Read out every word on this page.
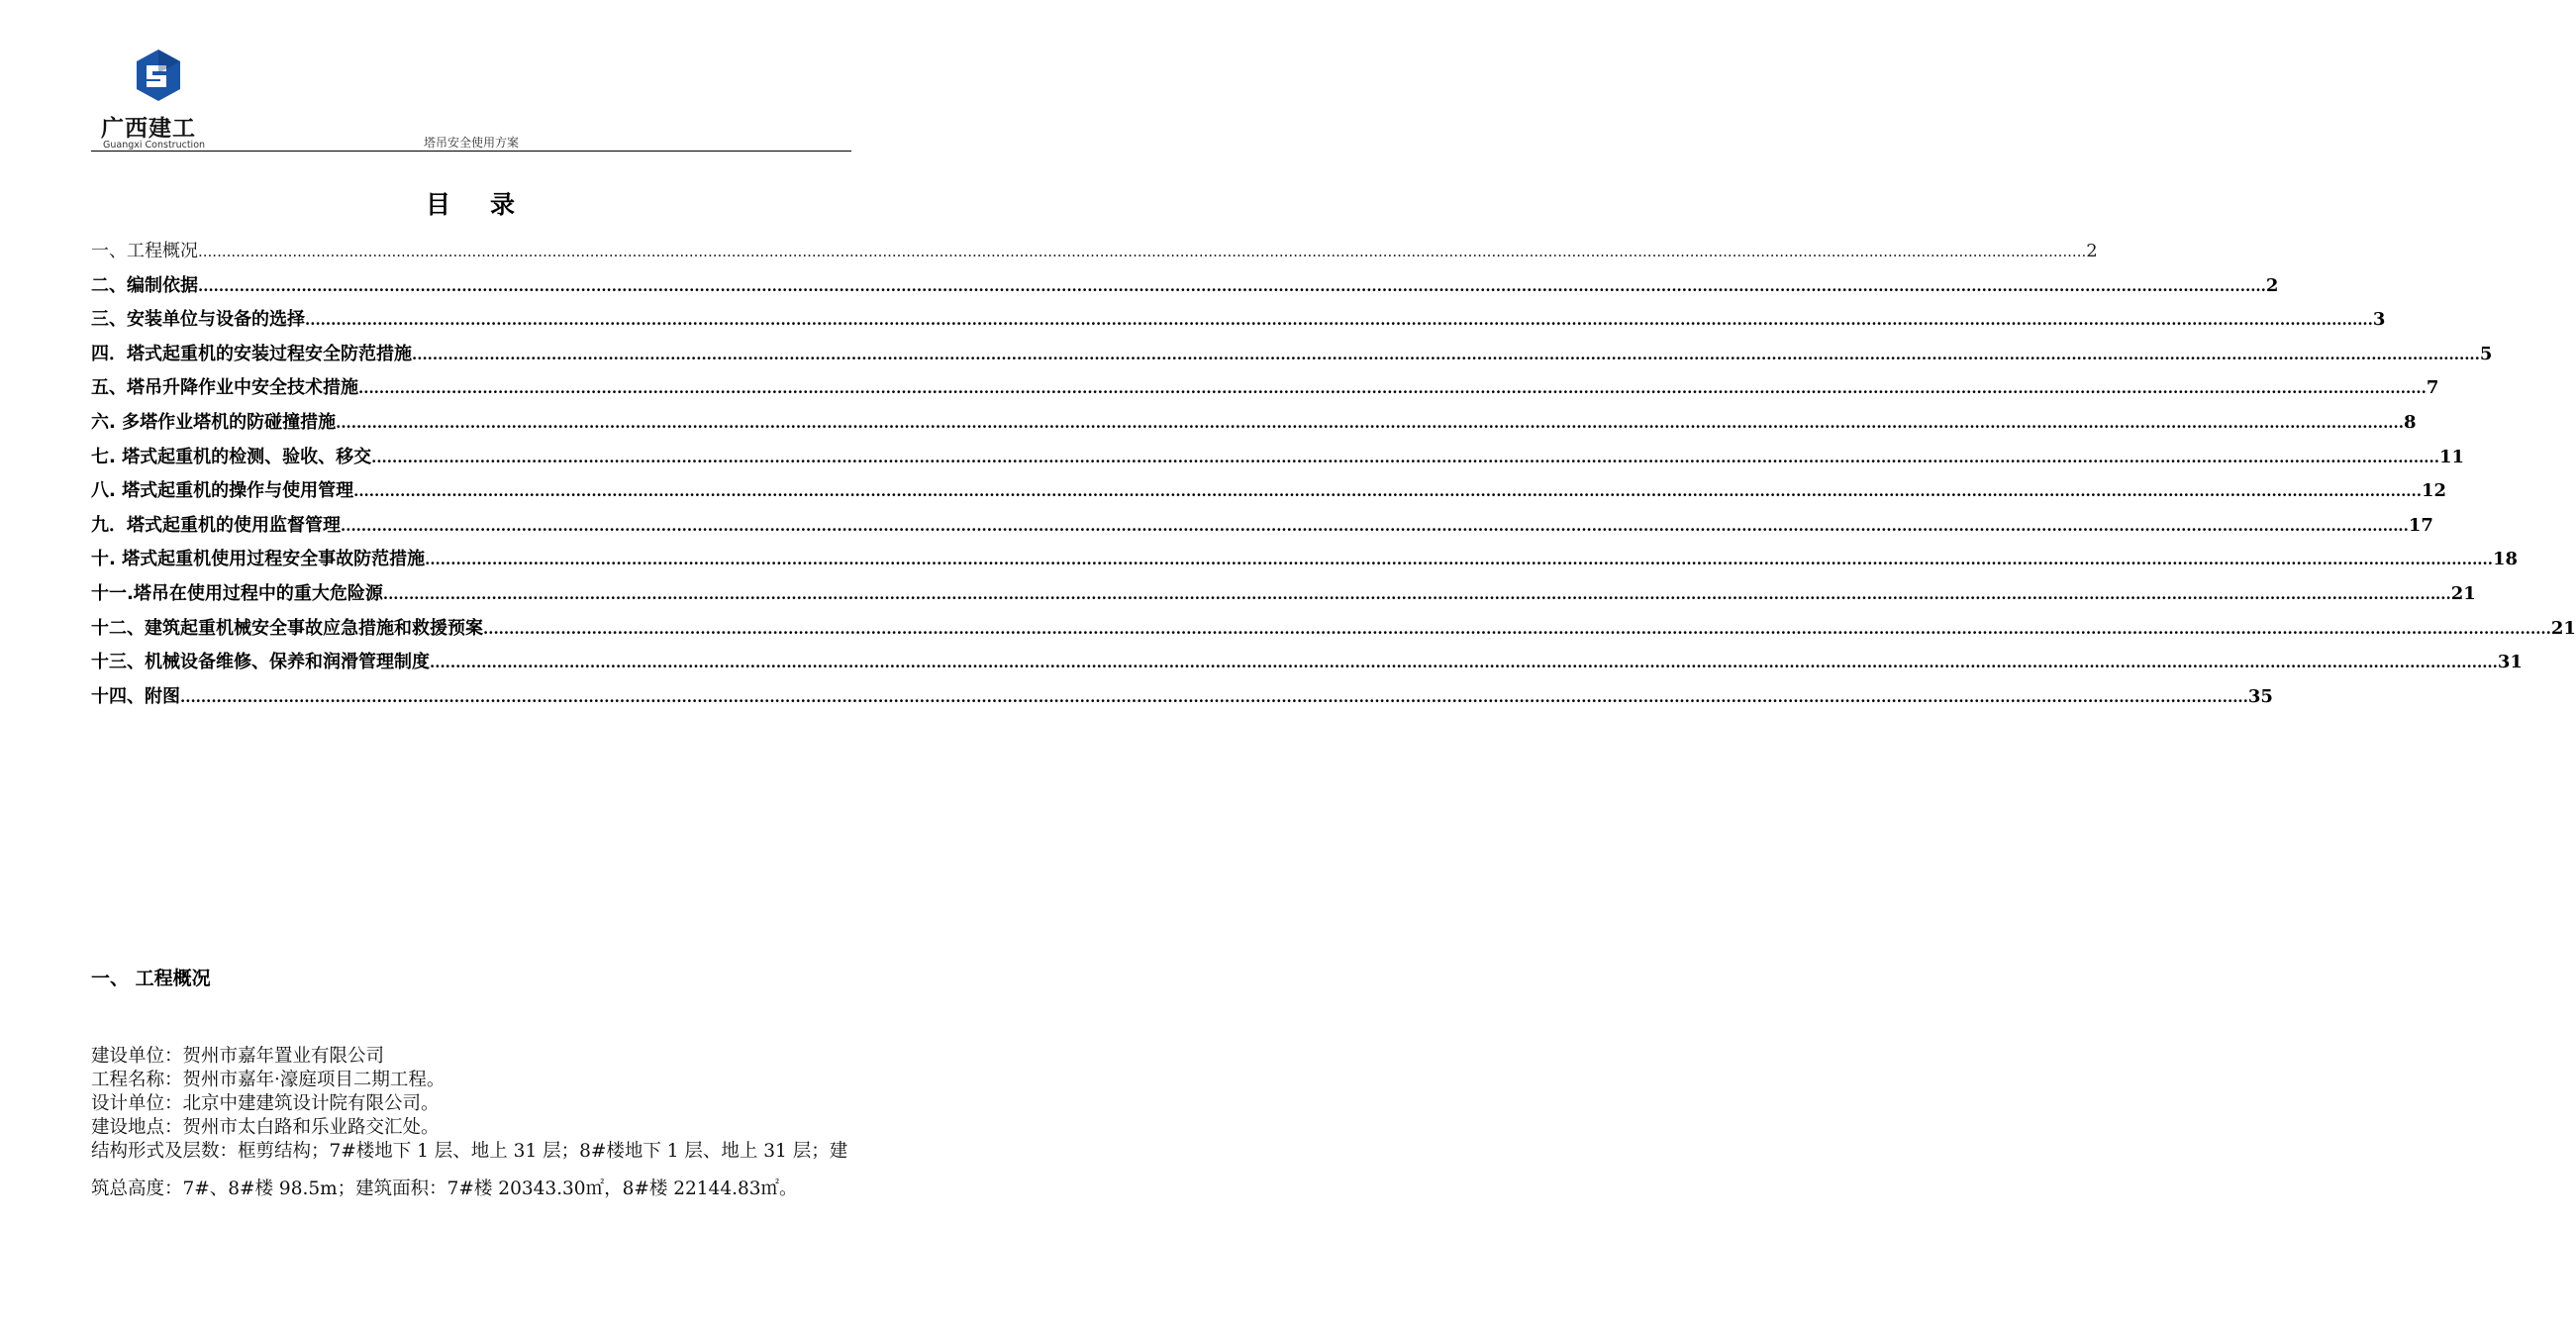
广西建工
Guangxi Construction	塔吊安全使用方案
目录
一、工程概况 ................................................................................................................................................................................................................................................................................................................................................................................................................ 2
二、编制依据 ................................................................................................................................................................................................................................................................................................................................................................................................................ 2
三、安装单位与设备的选择 ................................................................................................................................................................................................................................................................................................................................................................................................................ 3
四．塔式起重机的安装过程安全防范措施 ................................................................................................................................................................................................................................................................................................................................................................................................................ 5
五、塔吊升降作业中安全技术措施 ................................................................................................................................................................................................................................................................................................................................................................................................................ 7
六. 多塔作业塔机的防碰撞措施 ................................................................................................................................................................................................................................................................................................................................................................................................................ 8
七. 塔式起重机的检测、验收、移交 ................................................................................................................................................................................................................................................................................................................................................................................................................ 11
八. 塔式起重机的操作与使用管理 ................................................................................................................................................................................................................................................................................................................................................................................................................ 12
九．塔式起重机的使用监督管理 ................................................................................................................................................................................................................................................................................................................................................................................................................ 17
十. 塔式起重机使用过程安全事故防范措施 ................................................................................................................................................................................................................................................................................................................................................................................................................ 18
十一.塔吊在使用过程中的重大危险源 ................................................................................................................................................................................................................................................................................................................................................................................................................ 21
十二、建筑起重机械安全事故应急措施和救援预案 ................................................................................................................................................................................................................................................................................................................................................................................................................ 21
十三、机械设备维修、保养和润滑管理制度 ................................................................................................................................................................................................................................................................................................................................................................................................................ 31
十四、附图 ................................................................................................................................................................................................................................................................................................................................................................................................................ 35
一、 工程概况

建设单位：贺州市嘉年置业有限公司

工程名称：贺州市嘉年·濠庭项目二期工程。

设计单位：北京中建建筑设计院有限公司。

建设地点：贺州市太白路和乐业路交汇处。

结构形式及层数：框剪结构；7#楼地下 1 层、地上 31 层；8#楼地下 1 层、地上 31 层；建筑总高度：7#、8#楼 98.5m；建筑面积：7#楼 20343.30㎡，8#楼 22144.83㎡。
